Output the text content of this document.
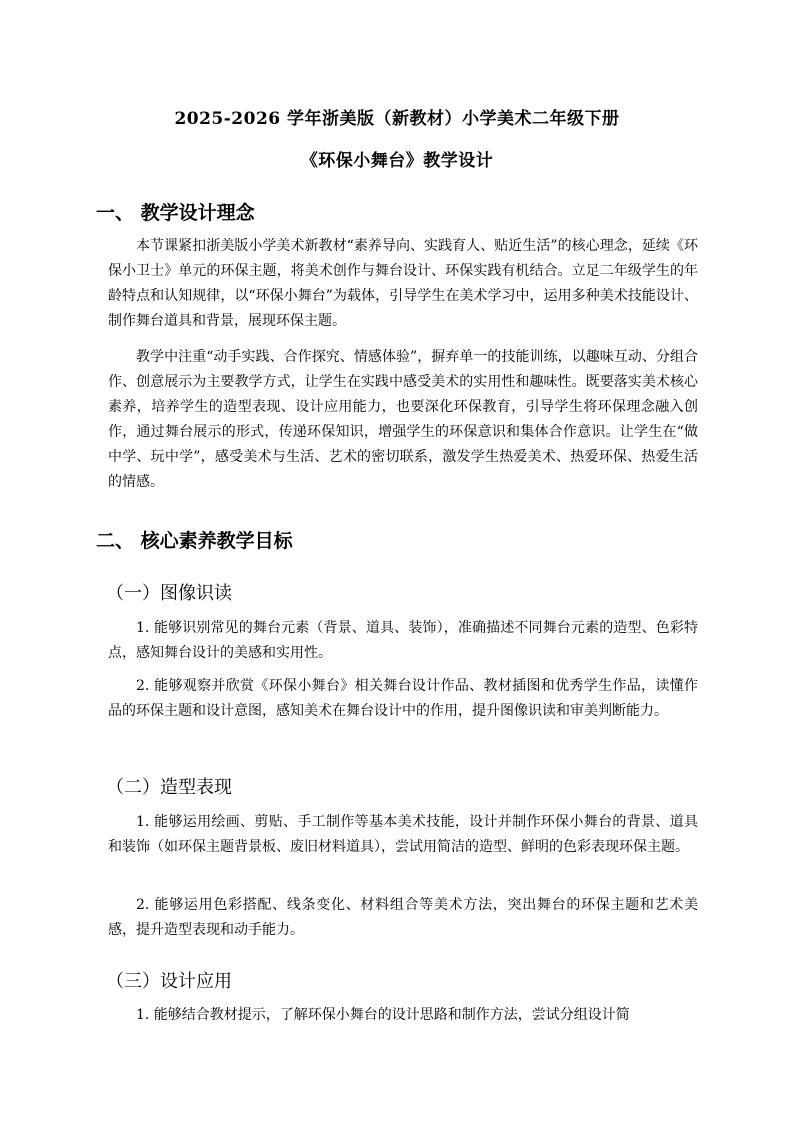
2025-2026 学年浙美版（新教材）小学美术二年级下册
《环保小舞台》教学设计
一、 教学设计理念
本节课紧扣浙美版小学美术新教材“素养导向、实践育人、贴近生活”的核心理念，延续《环保小卫士》单元的环保主题，将美术创作与舞台设计、环保实践有机结合。立足二年级学生的年龄特点和认知规律，以“环保小舞台”为载体，引导学生在美术学习中，运用多种美术技能设计、制作舞台道具和背景，展现环保主题。
教学中注重“动手实践、合作探究、情感体验”，摒弃单一的技能训练，以趣味互动、分组合作、创意展示为主要教学方式，让学生在实践中感受美术的实用性和趣味性。既要落实美术核心素养，培养学生的造型表现、设计应用能力，也要深化环保教育，引导学生将环保理念融入创作，通过舞台展示的形式，传递环保知识，增强学生的环保意识和集体合作意识。让学生在“做中学、玩中学”，感受美术与生活、艺术的密切联系，激发学生热爱美术、热爱环保、热爱生活的情感。
二、 核心素养教学目标
（一）图像识读
1. 能够识别常见的舞台元素（背景、道具、装饰），准确描述不同舞台元素的造型、色彩特点，感知舞台设计的美感和实用性。
2. 能够观察并欣赏《环保小舞台》相关舞台设计作品、教材插图和优秀学生作品，读懂作品的环保主题和设计意图，感知美术在舞台设计中的作用，提升图像识读和审美判断能力。
（二）造型表现
1. 能够运用绘画、剪贴、手工制作等基本美术技能，设计并制作环保小舞台的背景、道具和装饰（如环保主题背景板、废旧材料道具），尝试用简洁的造型、鲜明的色彩表现环保主题。
2. 能够运用色彩搭配、线条变化、材料组合等美术方法，突出舞台的环保主题和艺术美感，提升造型表现和动手能力。
（三）设计应用
1. 能够结合教材提示，了解环保小舞台的设计思路和制作方法，尝试分组设计简
